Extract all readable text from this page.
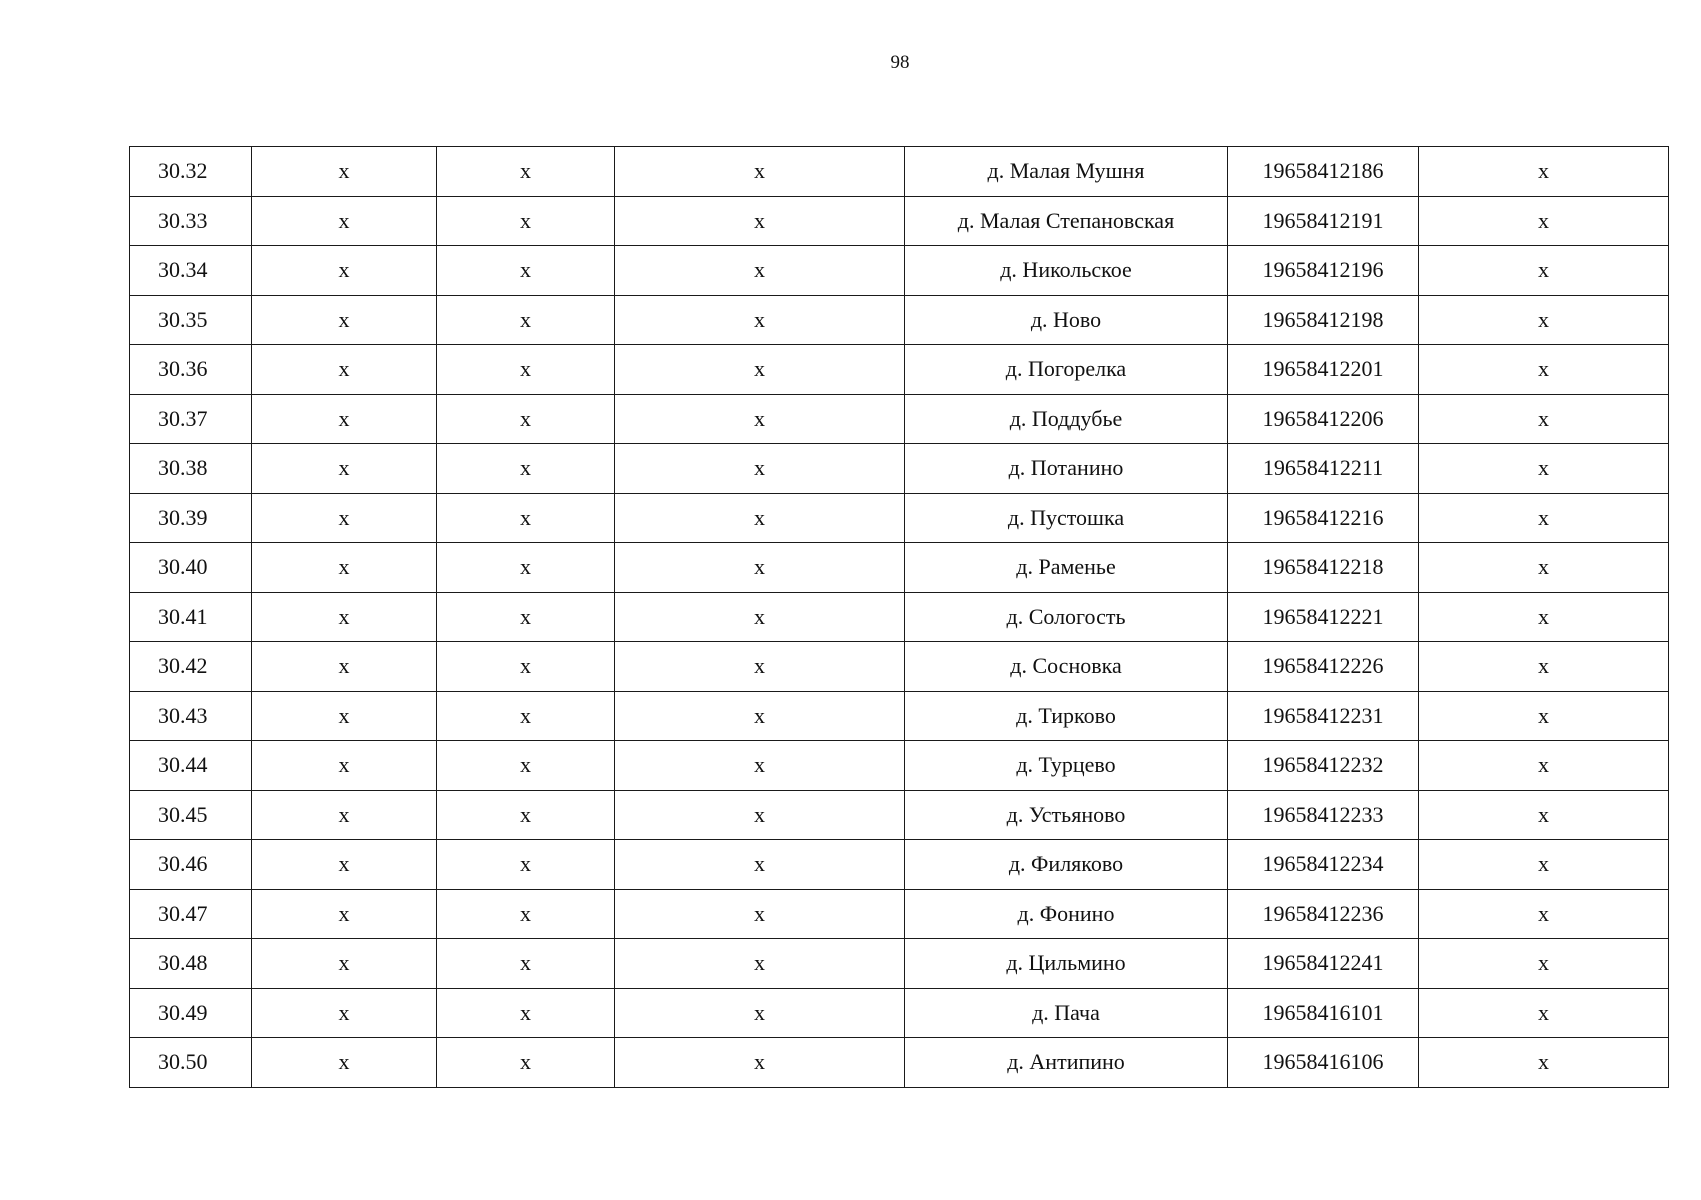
98
30.32	x	x	x	д. Малая Мушня	19658412186	x
30.33	x	x	x	д. Малая Степановская	19658412191	x
30.34	x	x	x	д. Никольское	19658412196	x
30.35	x	x	x	д. Ново	19658412198	x
30.36	x	x	x	д. Погорелка	19658412201	x
30.37	x	x	x	д. Поддубье	19658412206	x
30.38	x	x	x	д. Потанино	19658412211	x
30.39	x	x	x	д. Пустошка	19658412216	x
30.40	x	x	x	д. Раменье	19658412218	x
30.41	x	x	x	д. Сологость	19658412221	x
30.42	x	x	x	д. Сосновка	19658412226	x
30.43	x	x	x	д. Тирково	19658412231	x
30.44	x	x	x	д. Турцево	19658412232	x
30.45	x	x	x	д. Устьяново	19658412233	x
30.46	x	x	x	д. Филяково	19658412234	x
30.47	x	x	x	д. Фонино	19658412236	x
30.48	x	x	x	д. Цильмино	19658412241	x
30.49	x	x	x	д. Пача	19658416101	x
30.50	x	x	x	д. Антипино	19658416106	x
